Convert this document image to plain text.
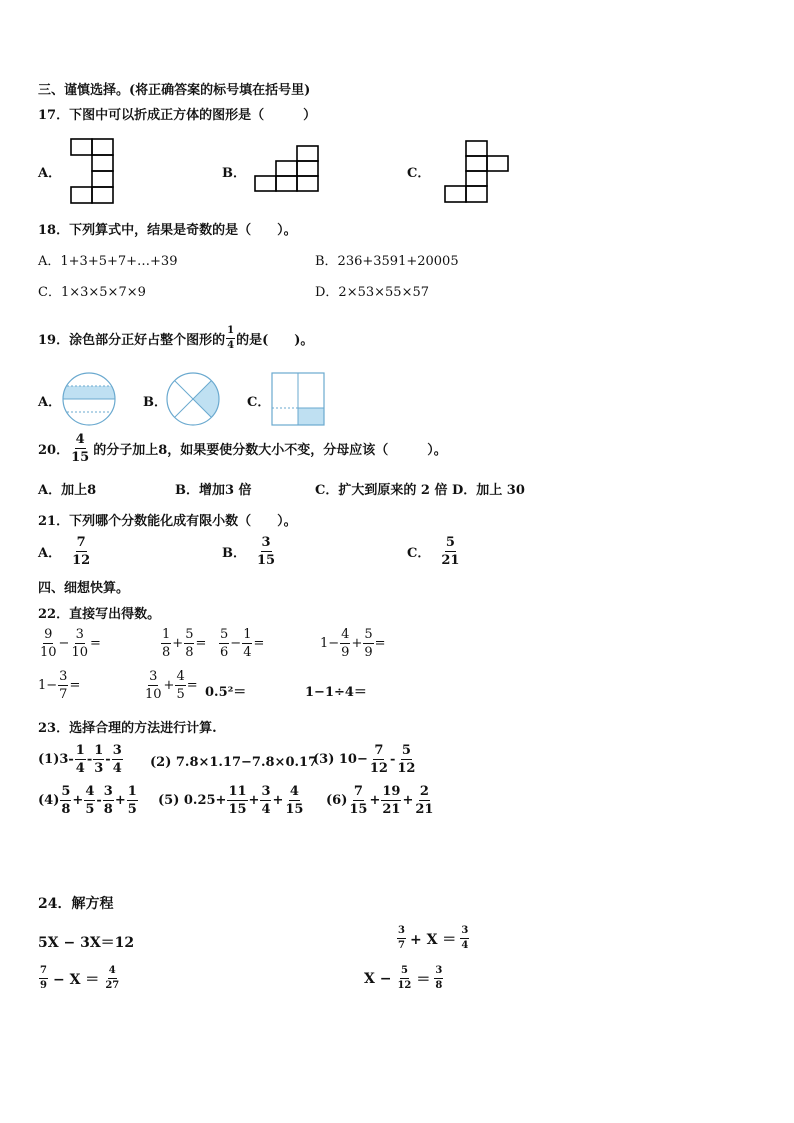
三、谨慎选择。(将正确答案的标号填在括号里)
17．下图中可以折成正方体的图形是（　　　）
A．	B．	C．
18．下列算式中，结果是奇数的是（　　）。
A．1+3+5+7+…+39	B．236+3591+20005
C．1×3×5×7×9	D．2×53×55×57
19．涂色部分正好占整个图形的 $\frac{1}{4}$ 的是(　　)。
A．	B．	C．
20． $\frac{4}{15}$ 的分子加上8，如果要使分数大小不变，分母应该（　　　）。
A．加上8	B．增加3 倍	C．扩大到原来的 2 倍 D．加上 30
21．下列哪个分数能化成有限小数（　　）。
A． $\frac{7}{12}$	B． $\frac{3}{15}$	C． $\frac{5}{21}$
四、细想快算。
22．直接写出得数。
$\frac{9}{10} - \frac{3}{10}$ =	$\frac{1}{8} + \frac{5}{8} = \frac{5}{6} - \frac{1}{4}$ =	$1- \frac{4}{9} + \frac{5}{9}$ =
$1- \frac{3}{7}$ =	$\frac{3}{10} + \frac{4}{5} = 0.5^2=$	1−1÷4＝
23．选择合理的方法进行计算.
$(1)3- \frac{1}{4} - \frac{1}{3} - \frac{3}{4} (2)$ 7.8×1.17−7.8×0.17
(3) $10- \frac{7}{12} - \frac{5}{12}$
$(4) \frac{5}{8} + \frac{4}{5} - \frac{3}{8} + \frac{1}{5} (5)$ $0.25+ \frac{11}{15} + \frac{3}{4} + \frac{4}{15} (6) \frac{7}{15} + \frac{19}{21} + \frac{2}{21}$
24．解方程
5X − 3X＝12	$\frac{3}{7} + X = \frac{3}{4}$
$\frac{7}{9} - X = \frac{4}{27}$	$X - \frac{5}{12} = \frac{3}{8}$
